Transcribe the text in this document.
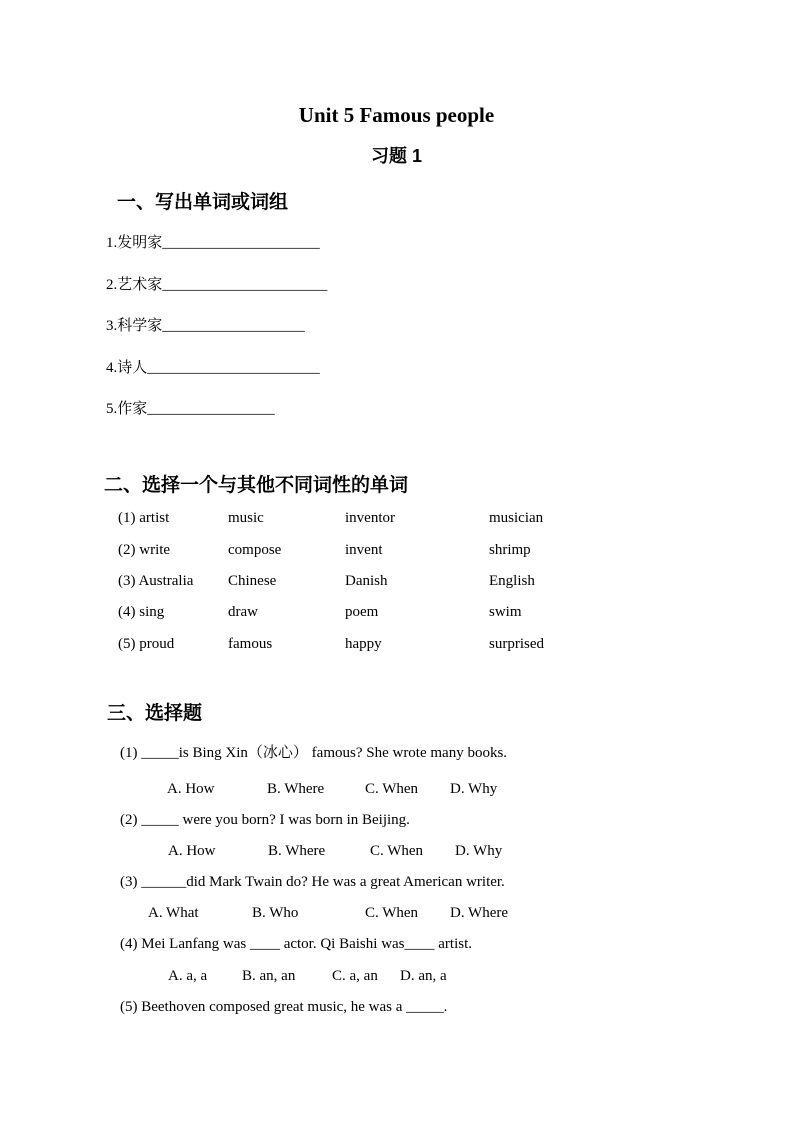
Unit 5 Famous people
习题 1
一、写出单词或词组
1.发明家_____________________
2.艺术家______________________
3.科学家___________________
4.诗人_______________________
5.作家_________________
二、选择一个与其他不同词性的单词
(1) artist	music	inventor	musician
(2) write	compose	invent	shrimp
(3) Australia	Chinese	Danish	English
(4) sing	draw	poem	swim
(5) proud	famous	happy	surprised
三、选择题
(1) _____is Bing Xin（冰心） famous? She wrote many books.
A. How	B. Where	C. When D. Why
(2) _____ were you born? I was born in Beijing.
A. How	B. Where	C. When D. Why
(3) ______did Mark Twain do? He was a great American writer.
A. What	B. Who	C. When D. Where
(4) Mei Lanfang was ____ actor. Qi Baishi was____ artist.
A. a, a B. an, an C. a, an D. an, a
(5) Beethoven composed great music, he was a _____.
